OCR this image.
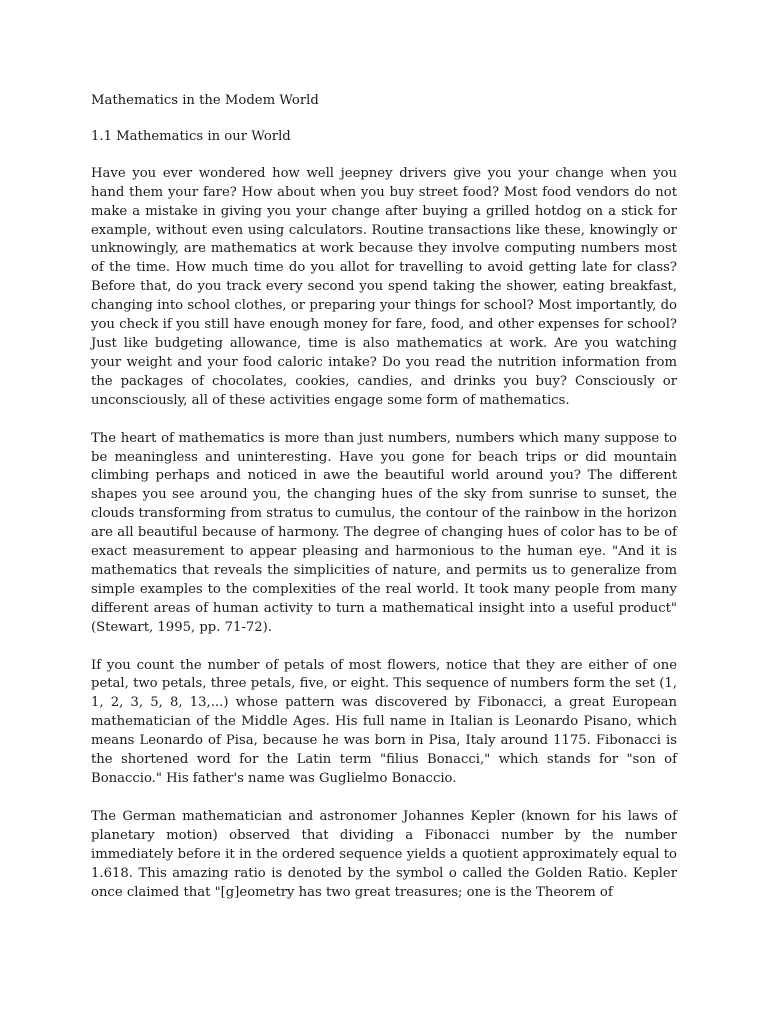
Mathematics in the Modem World
1.1 Mathematics in our World

Have you ever wondered how well jeepney drivers give you your change when you hand them your fare? How about when you buy street food? Most food vendors do not make a mistake in giving you your change after buying a grilled hotdog on a stick for example, without even using calculators. Routine transactions like these, knowingly or unknowingly, are mathematics at work because they involve computing numbers most of the time. How much time do you allot for travelling to avoid getting late for class? Before that, do you track every second you spend taking the shower, eating breakfast, changing into school clothes, or preparing your things for school? Most importantly, do you check if you still have enough money for fare, food, and other expenses for school? Just like budgeting allowance, time is also mathematics at work. Are you watching your weight and your food caloric intake? Do you read the nutrition information from the packages of chocolates, cookies, candies, and drinks you buy? Consciously or unconsciously, all of these activities engage some form of mathematics.

The heart of mathematics is more than just numbers, numbers which many suppose to be meaningless and uninteresting. Have you gone for beach trips or did mountain climbing perhaps and noticed in awe the beautiful world around you? The different shapes you see around you, the changing hues of the sky from sunrise to sunset, the clouds transforming from stratus to cumulus, the contour of the rainbow in the horizon are all beautiful because of harmony. The degree of changing hues of color has to be of exact measurement to appear pleasing and harmonious to the human eye. "And it is mathematics that reveals the simplicities of nature, and permits us to generalize from simple examples to the complexities of the real world. It took many people from many different areas of human activity to turn a mathematical insight into a useful product" (Stewart, 1995, pp. 71-72).

If you count the number of petals of most flowers, notice that they are either of one petal, two petals, three petals, five, or eight. This sequence of numbers form the set (1, 1, 2, 3, 5, 8, 13,...) whose pattern was discovered by Fibonacci, a great European mathematician of the Middle Ages. His full name in Italian is Leonardo Pisano, which means Leonardo of Pisa, because he was born in Pisa, Italy around 1175. Fibonacci is the shortened word for the Latin term "filius Bonacci," which stands for "son of Bonaccio." His father's name was Guglielmo Bonaccio.

The German mathematician and astronomer Johannes Kepler (known for his laws of planetary motion) observed that dividing a Fibonacci number by the number immediately before it in the ordered sequence yields a quotient approximately equal to 1.618. This amazing ratio is denoted by the symbol o called the Golden Ratio. Kepler once claimed that "[g]eometry has two great treasures; one is the Theorem of
